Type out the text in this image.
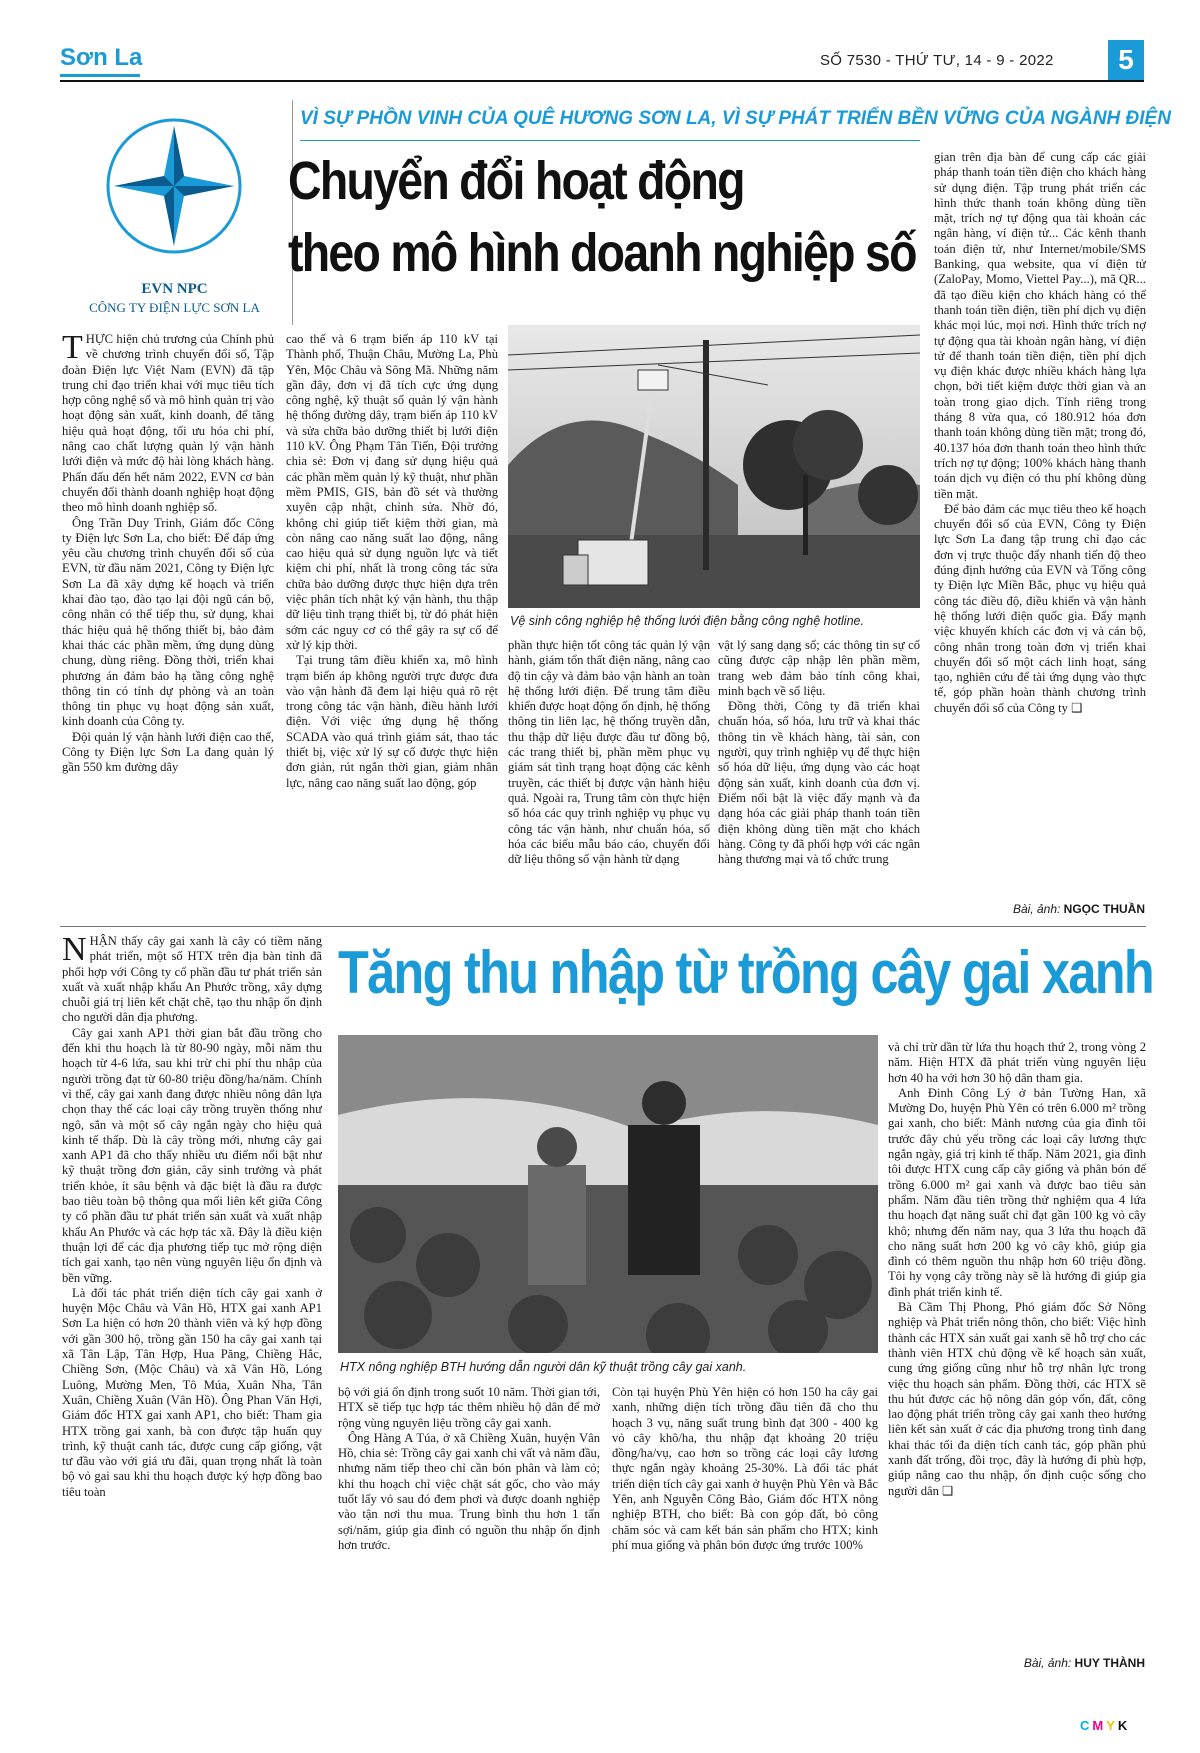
Sơn La	SỐ 7530 - THỨ TƯ, 14 - 9 - 2022	5
EVN NPC
CÔNG TY ĐIỆN LỰC SƠN LA
VÌ SỰ PHỒN VINH CỦA QUÊ HƯƠNG SƠN LA, VÌ SỰ PHÁT TRIỂN BỀN VỮNG CỦA NGÀNH ĐIỆN
Chuyển đổi hoạt động
theo mô hình doanh nghiệp số

THỰC hiện chủ trương của Chính phủ về chương trình chuyển đổi số, Tập đoàn Điện lực Việt Nam (EVN) đã tập trung chỉ đạo triển khai với mục tiêu tích hợp công nghệ số và mô hình quản trị vào hoạt động sản xuất, kinh doanh, để tăng hiệu quả hoạt động, tối ưu hóa chi phí, nâng cao chất lượng quản lý vận hành lưới điện và mức độ hài lòng khách hàng. Phấn đấu đến hết năm 2022, EVN cơ bản chuyển đổi thành doanh nghiệp hoạt động theo mô hình doanh nghiệp số.

Ông Trần Duy Trinh, Giám đốc Công ty Điện lực Sơn La, cho biết: Để đáp ứng yêu cầu chương trình chuyển đổi số của EVN, từ đầu năm 2021, Công ty Điện lực Sơn La đã xây dựng kế hoạch và triển khai đào tạo, đào tạo lại đội ngũ cán bộ, công nhân có thể tiếp thu, sử dụng, khai thác hiệu quả hệ thống thiết bị, bảo đảm khai thác các phần mềm, ứng dụng dùng chung, dùng riêng. Đồng thời, triển khai phương án đảm bảo hạ tầng công nghệ thông tin có tính dự phòng và an toàn thông tin phục vụ hoạt động sản xuất, kinh doanh của Công ty.

Đội quản lý vận hành lưới điện cao thế, Công ty Điện lực Sơn La đang quản lý gần 550 km đường dây

cao thế và 6 trạm biến áp 110 kV tại Thành phố, Thuận Châu, Mường La, Phù Yên, Mộc Châu và Sông Mã. Những năm gần đây, đơn vị đã tích cực ứng dụng công nghệ, kỹ thuật số quản lý vận hành hệ thống đường dây, trạm biến áp 110 kV và sửa chữa bảo dưỡng thiết bị lưới điện 110 kV. Ông Phạm Tân Tiến, Đội trưởng chia sẻ: Đơn vị đang sử dụng hiệu quả các phần mềm quản lý kỹ thuật, như phần mềm PMIS, GIS, bản đồ sét và thường xuyên cập nhật, chỉnh sửa. Nhờ đó, không chỉ giúp tiết kiệm thời gian, mà còn nâng cao năng suất lao động, nâng cao hiệu quả sử dụng nguồn lực và tiết kiệm chi phí, nhất là trong công tác sửa chữa bảo dưỡng được thực hiện dựa trên việc phân tích nhật ký vận hành, thu thập dữ liệu tình trạng thiết bị, từ đó phát hiện sớm các nguy cơ có thể gây ra sự cố để xử lý kịp thời.

Tại trung tâm điều khiển xa, mô hình trạm biến áp không người trực được đưa vào vận hành đã đem lại hiệu quả rõ rệt trong công tác vận hành, điều hành lưới điện. Với việc ứng dụng hệ thống SCADA vào quá trình giám sát, thao tác thiết bị, việc xử lý sự cố được thực hiện đơn giản, rút ngắn thời gian, giảm nhân lực, nâng cao năng suất lao động, góp

Vệ sinh công nghiệp hệ thống lưới điện bằng công nghệ hotline.

phần thực hiện tốt công tác quản lý vận hành, giám tổn thất điện năng, nâng cao độ tin cậy và đảm bảo vận hành an toàn hệ thống lưới điện. Để trung tâm điều khiển được hoạt động ổn định, hệ thống thông tin liên lạc, hệ thống truyền dẫn, thu thập dữ liệu được đầu tư đồng bộ, các trang thiết bị, phần mềm phục vụ giám sát tình trạng hoạt động các kênh truyền, các thiết bị được vận hành hiệu quả. Ngoài ra, Trung tâm còn thực hiện số hóa các quy trình nghiệp vụ phục vụ công tác vận hành, như chuẩn hóa, số hóa các biểu mẫu báo cáo, chuyển đổi dữ liệu thông số vận hành từ dạng

vật lý sang dạng số; các thông tin sự cố cũng được cập nhập lên phần mềm, trang web đảm bảo tính công khai, minh bạch về số liệu.

Đồng thời, Công ty đã triển khai chuẩn hóa, số hóa, lưu trữ và khai thác thông tin về khách hàng, tài sản, con người, quy trình nghiệp vụ để thực hiện số hóa dữ liệu, ứng dụng vào các hoạt động sản xuất, kinh doanh của đơn vị. Điểm nổi bật là việc đẩy mạnh và đa dạng hóa các giải pháp thanh toán tiền điện không dùng tiền mặt cho khách hàng. Công ty đã phối hợp với các ngân hàng thương mại và tổ chức trung

gian trên địa bàn để cung cấp các giải pháp thanh toán tiền điện cho khách hàng sử dụng điện. Tập trung phát triển các hình thức thanh toán không dùng tiền mặt, trích nợ tự động qua tài khoản các ngân hàng, ví điện tử... Các kênh thanh toán điện tử, như Internet/mobile/SMS Banking, qua website, qua ví điện tử (ZaloPay, Momo, Viettel Pay...), mã QR... đã tạo điều kiện cho khách hàng có thể thanh toán tiền điện, tiền phí dịch vụ điện khác mọi lúc, mọi nơi. Hình thức trích nợ tự động qua tài khoản ngân hàng, ví điện tử để thanh toán tiền điện, tiền phí dịch vụ điện khác được nhiều khách hàng lựa chọn, bởi tiết kiệm được thời gian và an toàn trong giao dịch. Tính riêng trong tháng 8 vừa qua, có 180.912 hóa đơn thanh toán không dùng tiền mặt; trong đó, 40.137 hóa đơn thanh toán theo hình thức trích nợ tự động; 100% khách hàng thanh toán dịch vụ điện có thu phí không dùng tiền mặt.

Để bảo đảm các mục tiêu theo kế hoạch chuyển đổi số của EVN, Công ty Điện lực Sơn La đang tập trung chỉ đạo các đơn vị trực thuộc đẩy nhanh tiến độ theo đúng định hướng của EVN và Tổng công ty Điện lực Miền Bắc, phục vụ hiệu quả công tác điều độ, điều khiển và vận hành hệ thống lưới điện quốc gia. Đẩy mạnh việc khuyến khích các đơn vị và cán bộ, công nhân trong toàn đơn vị triển khai chuyển đổi số một cách linh hoạt, sáng tạo, nghiên cứu để tài ứng dụng vào thực tế, góp phần hoàn thành chương trình chuyển đổi số của Công ty ❑

Bài, ảnh: NGỌC THUẦN

NHẬN thấy cây gai xanh là cây có tiềm năng phát triển, một số HTX trên địa bàn tỉnh đã phối hợp với Công ty cổ phần đầu tư phát triển sản xuất và xuất nhập khẩu An Phước trồng, xây dựng chuỗi giá trị liên kết chặt chẽ, tạo thu nhập ổn định cho người dân địa phương.

Cây gai xanh AP1 thời gian bắt đầu trồng cho đến khi thu hoạch là từ 80-90 ngày, mỗi năm thu hoạch từ 4-6 lứa, sau khi trừ chi phí thu nhập của người trồng đạt từ 60-80 triệu đồng/ha/năm. Chính vì thế, cây gai xanh đang được nhiều nông dân lựa chọn thay thế các loại cây trồng truyền thống như ngô, sắn và một số cây ngắn ngày cho hiệu quả kinh tế thấp. Dù là cây trồng mới, nhưng cây gai xanh AP1 đã cho thấy nhiều ưu điểm nổi bật như kỹ thuật trồng đơn giản, cây sinh trưởng và phát triển khỏe, ít sâu bệnh và đặc biệt là đầu ra được bao tiêu toàn bộ thông qua mối liên kết giữa Công ty cổ phần đầu tư phát triển sản xuất và xuất nhập khẩu An Phước và các hợp tác xã. Đây là điều kiện thuận lợi để các địa phương tiếp tục mở rộng diện tích gai xanh, tạo nên vùng nguyên liệu ổn định và bền vững.

Là đối tác phát triển diện tích cây gai xanh ở huyện Mộc Châu và Vân Hồ, HTX gai xanh AP1 Sơn La hiện có hơn 20 thành viên và ký hợp đồng với gần 300 hộ, trồng gần 150 ha cây gai xanh tại xã Tân Lập, Tân Hợp, Hua Păng, Chiềng Hắc, Chiềng Sơn, (Mộc Châu) và xã Vân Hồ, Lóng Luông, Mường Men, Tô Múa, Xuân Nha, Tân Xuân, Chiềng Xuân (Vân Hồ). Ông Phan Văn Hợi, Giám đốc HTX gai xanh AP1, cho biết: Tham gia HTX trồng gai xanh, bà con được tập huấn quy trình, kỹ thuật canh tác, được cung cấp giống, vật tư đầu vào với giá ưu đãi, quan trọng nhất là toàn bộ vỏ gai sau khi thu hoạch được ký hợp đồng bao tiêu toàn

Tăng thu nhập từ trồng cây gai xanh
HTX nông nghiệp BTH hướng dẫn người dân kỹ thuật trồng cây gai xanh.

bộ với giá ổn định trong suốt 10 năm. Thời gian tới, HTX sẽ tiếp tục hợp tác thêm nhiều hộ dân để mở rộng vùng nguyên liệu trồng cây gai xanh.

Ông Hàng A Túa, ở xã Chiềng Xuân, huyện Vân Hồ, chia sẻ: Trồng cây gai xanh chỉ vất vả năm đầu, nhưng năm tiếp theo chỉ cần bón phân và làm cỏ; khi thu hoạch chỉ việc chặt sát gốc, cho vào máy tuốt lấy vỏ sau đó đem phơi và được doanh nghiệp vào tận nơi thu mua. Trung bình thu hơn 1 tấn sợi/năm, giúp gia đình có nguồn thu nhập ổn định hơn trước.

Còn tại huyện Phù Yên hiện có hơn 150 ha cây gai xanh, những diện tích trồng đầu tiên đã cho thu hoạch 3 vụ, năng suất trung bình đạt 300 - 400 kg vỏ cây khô/ha, thu nhập đạt khoảng 20 triệu đồng/ha/vụ, cao hơn so trồng các loại cây lương thực ngắn ngày khoảng 25-30%. Là đối tác phát triển diện tích cây gai xanh ở huyện Phù Yên và Bắc Yên, anh Nguyễn Công Bảo, Giám đốc HTX nông nghiệp BTH, cho biết: Bà con góp đất, bỏ công chăm sóc và cam kết bán sản phẩm cho HTX; kinh phí mua giống và phân bón được ứng trước 100%

và chỉ trừ dần từ lứa thu hoạch thứ 2, trong vòng 2 năm. Hiện HTX đã phát triển vùng nguyên liệu hơn 40 ha với hơn 30 hộ dân tham gia.

Anh Đinh Công Lý ở bản Tường Han, xã Mường Do, huyện Phù Yên có trên 6.000 m² trồng gai xanh, cho biết: Mảnh nương của gia đình tôi trước đây chủ yếu trồng các loại cây lương thực ngắn ngày, giá trị kinh tế thấp. Năm 2021, gia đình tôi được HTX cung cấp cây giống và phân bón để trồng 6.000 m² gai xanh và được bao tiêu sản phẩm. Năm đầu tiên trồng thử nghiệm qua 4 lứa thu hoạch đạt năng suất chỉ đạt gần 100 kg vỏ cây khô; nhưng đến năm nay, qua 3 lứa thu hoạch đã cho năng suất hơn 200 kg vỏ cây khô, giúp gia đình có thêm nguồn thu nhập hơn 60 triệu đồng. Tôi hy vọng cây trồng này sẽ là hướng đi giúp gia đình phát triển kinh tế.

Bà Cầm Thị Phong, Phó giám đốc Sở Nông nghiệp và Phát triển nông thôn, cho biết: Việc hình thành các HTX sản xuất gai xanh sẽ hỗ trợ cho các thành viên HTX chủ động về kế hoạch sản xuất, cung ứng giống cũng như hỗ trợ nhân lực trong việc thu hoạch sản phẩm. Đồng thời, các HTX sẽ thu hút được các hộ nông dân góp vốn, đất, công lao động phát triển trồng cây gai xanh theo hướng liên kết sản xuất ở các địa phương trong tình đang khai thác tối đa diện tích canh tác, góp phần phủ xanh đất trống, đồi trọc, đây là hướng đi phù hợp, giúp nâng cao thu nhập, ổn định cuộc sống cho người dân ❑

Bài, ảnh: HUY THÀNH
CMYK
